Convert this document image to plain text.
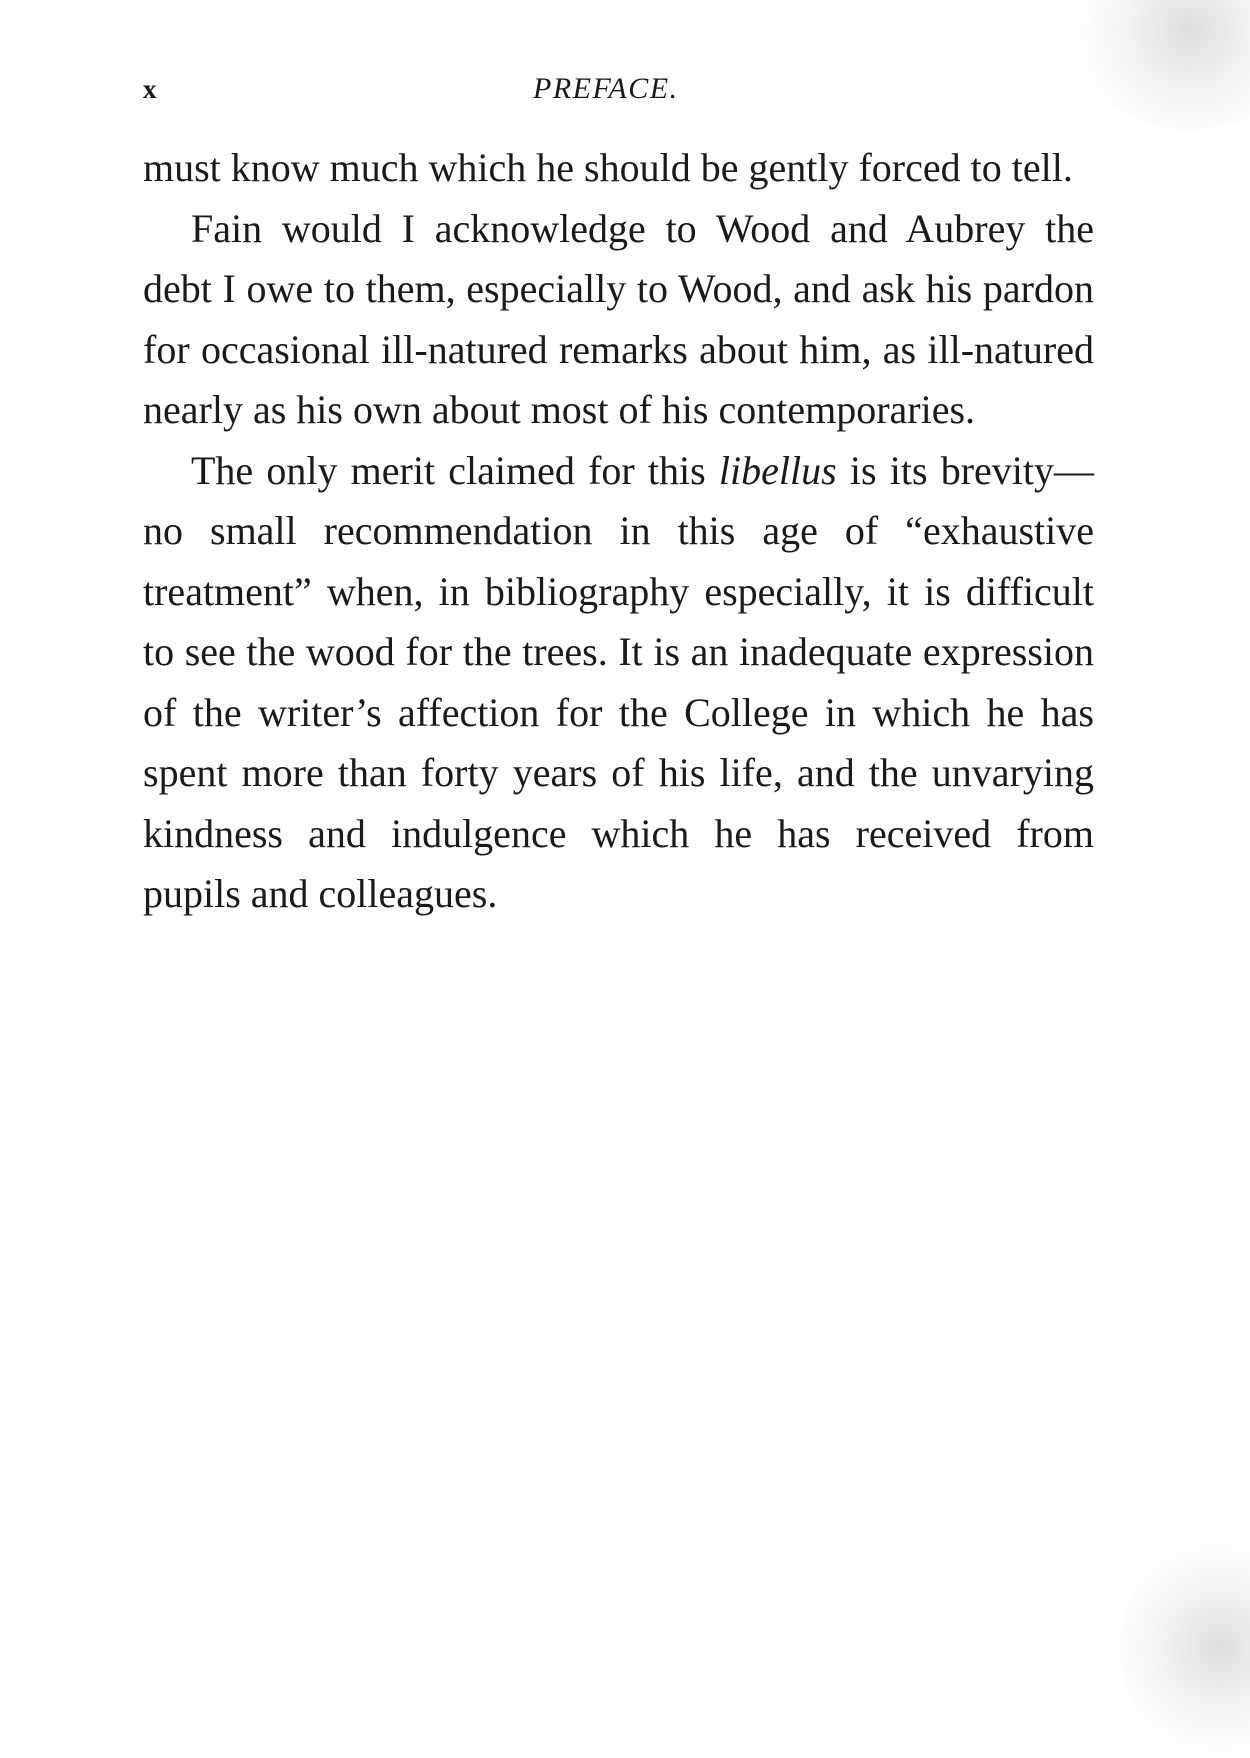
x	PREFACE.

must know much which he should be gently forced to tell.

Fain would I acknowledge to Wood and Aubrey the debt I owe to them, especially to Wood, and ask his pardon for occasional ill-natured remarks about him, as ill-natured nearly as his own about most of his contemporaries.

The only merit claimed for this libellus is its brevity—no small recommendation in this age of “exhaustive treatment” when, in bibliography especially, it is difficult to see the wood for the trees. It is an inadequate expression of the writer’s affection for the College in which he has spent more than forty years of his life, and the unvarying kindness and indulgence which he has received from pupils and colleagues.
